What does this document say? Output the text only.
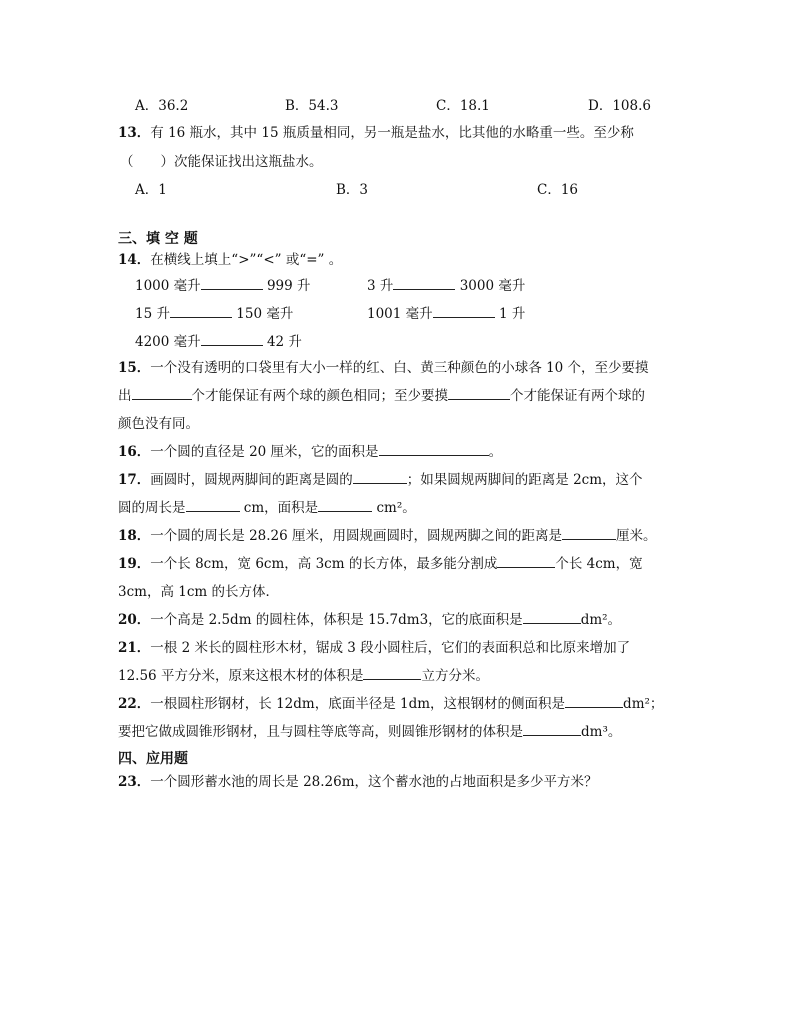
A．36.2	B．54.3	C．18.1	D．108.6
13．有 16 瓶水，其中 15 瓶质量相同，另一瓶是盐水，比其他的水略重一些。至少称
（　　）次能保证找出这瓶盐水。
A．1	B．3	C．16
三、填 空 题
14．在横线上填上“>”“<” 或“=” 。
1000 毫升	999 升	3 升	3000 毫升
15 升	150 毫升	1001 毫升	1 升
4200 毫升	42 升
15．一个没有透明的口袋里有大小一样的红、白、黄三种颜色的小球各 10 个，至少要摸
出	个才能保证有两个球的颜色相同；至少要摸	个才能保证有两个球的
颜色没有同。
16．一个圆的直径是 20 厘米，它的面积是	。
17．画圆时，圆规两脚间的距离是圆的	；如果圆规两脚间的距离是 2cm，这个
圆的周长是	cm，面积是	cm²。
18．一个圆的周长是 28.26 厘米，用圆规画圆时，圆规两脚之间的距离是	厘米。
19．一个长 8cm，宽 6cm，高 3cm 的长方体，最多能分割成	个长 4cm，宽
3cm，高 1cm 的长方体．
20．一个高是 2.5dm 的圆柱体，体积是 15.7dm3，它的底面积是	dm²。
21．一根 2 米长的圆柱形木材，锯成 3 段小圆柱后，它们的表面积总和比原来增加了
12.56 平方分米，原来这根木材的体积是	立方分米。
22．一根圆柱形钢材，长 12dm，底面半径是 1dm，这根钢材的侧面积是	dm²；
要把它做成圆锥形钢材，且与圆柱等底等高，则圆锥形钢材的体积是	dm³。
四、应用题
23．一个圆形蓄水池的周长是 28.26m，这个蓄水池的占地面积是多少平方米？
